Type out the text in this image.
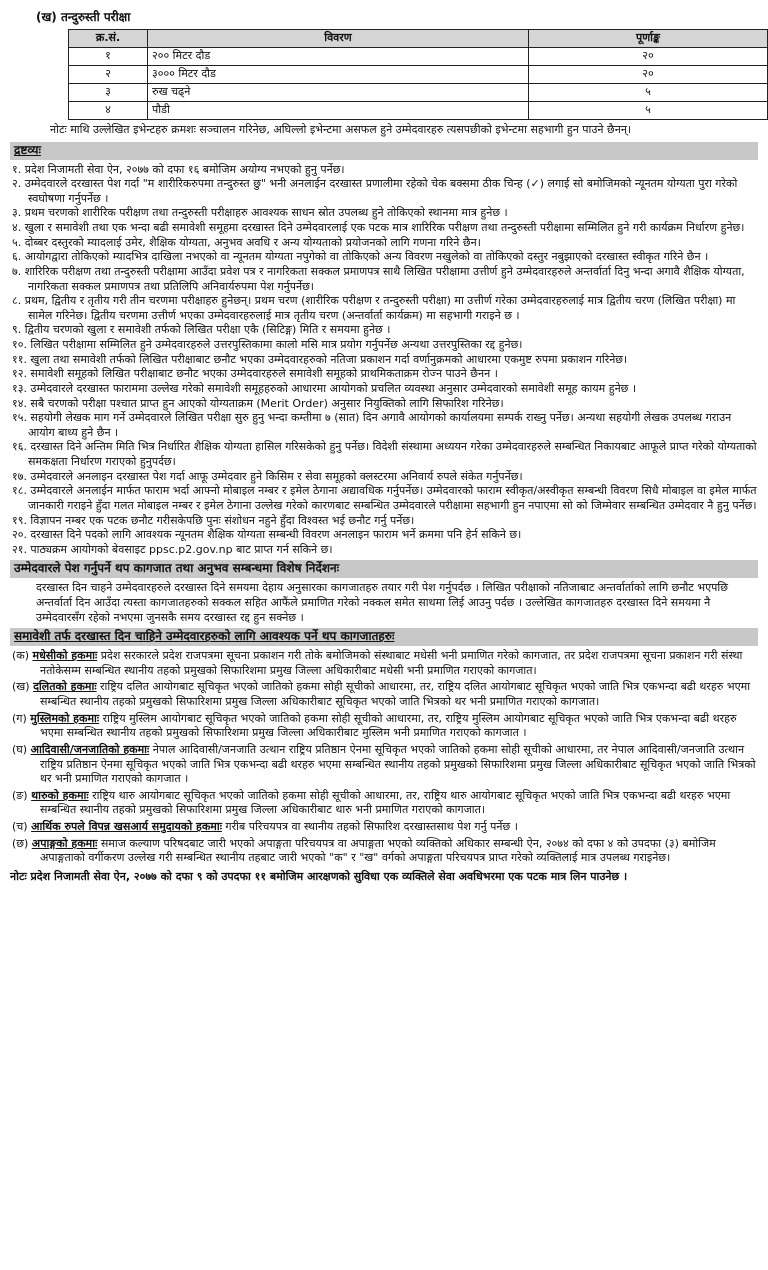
(ख) तन्दुरुस्ती परीक्षा
क्र.सं.	विवरण	पूर्णाङ्क
१	२०० मिटर दौड	२०
२	३००० मिटर दौड	२०
३	रुख चढ्ने	५
४	पौडी	५
नोटः माथि उल्लेखित इभेन्टहरु क्रमशः सञ्चालन गरिनेछ, अघिल्लो इभेन्टमा असफल हुने उम्मेदवारहरु त्यसपछीको इभेन्टमा सहभागी हुन पाउने छैनन्।
द्रष्टव्यः
१. प्रदेश निजामती सेवा ऐन, २०७७ को दफा १६ बमोजिम अयोग्य नभएको हुनु पर्नेछ।
२. उम्मेदवारले दरखास्त पेश गर्दा "म शारीरिकरुपमा तन्दुरुस्त छु" भनी अनलाईन दरखास्त प्रणालीमा रहेको चेक बक्समा ठीक चिन्ह (✓) लगाई सो बमोजिमको न्यूनतम योग्यता पुरा गरेको स्वघोषणा गर्नुपर्नेछ ।
३. प्रथम चरणको शारीरिक परीक्षण तथा तन्दुरुस्ती परीक्षाहरु आवश्यक साधन स्रोत उपलब्ध हुने तोकिएको स्थानमा मात्र हुनेछ ।
४. खुला र समावेशी तथा एक भन्दा बढी समावेशी समूहमा दरखास्त दिने उम्मेदवारलाई एक पटक मात्र शारिरिक परीक्षण तथा तन्दुरुस्ती परीक्षामा सम्मिलित हुने गरी कार्यक्रम निर्धारण हुनेछ।
५. दोब्बर दस्तुरको म्यादलाई उमेर, शैक्षिक योग्यता, अनुभव अवधि र अन्य योग्यताको प्रयोजनको लागि गणना गरिने छैन।
६. आयोगद्वारा तोकिएको म्यादभित्र दाखिला नभएको वा न्यूनतम योग्यता नपुगेको वा तोकिएको अन्य विवरण नखुलेको वा तोकिएको दस्तुर नबुझाएको दरखास्त स्वीकृत गरिने छैन ।
७. शारिरिक परीक्षण तथा तन्दुरुस्ती परीक्षामा आउँदा प्रवेश पत्र र नागरिकता सक्कल प्रमाणपत्र साथै लिखित परीक्षामा उत्तीर्ण हुने उम्मेदवारहरुले अन्तर्वार्ता दिनु भन्दा अगावै शैक्षिक योग्यता, नागरिकता सक्कल प्रमाणपत्र तथा प्रतिलिपि अनिवार्यरुपमा पेश गर्नुपर्नेछ।
८. प्रथम, द्वितीय र तृतीय गरी तीन चरणमा परीक्षाहरु हुनेछन्। प्रथम चरण (शारीरिक परीक्षण र तन्दुरुस्ती परीक्षा) मा उत्तीर्ण गरेका उम्मेदवारहरुलाई मात्र द्वितीय चरण (लिखित परीक्षा) मा सामेल गरिनेछ। द्वितीय चरणमा उत्तीर्ण भएका उम्मेदवारहरुलाई मात्र तृतीय चरण (अन्तर्वार्ता कार्यक्रम) मा सहभागी गराइने छ ।
९. द्वितीय चरणको खुला र समावेशी तर्फको लिखित परीक्षा एकै (सिटिङ्ग) मिति र समयमा हुनेछ ।
१०. लिखित परीक्षामा सम्मिलित हुने उम्मेदवारहरुले उत्तरपुस्तिकामा कालो मसि मात्र प्रयोग गर्नुपर्नेछ अन्यथा उत्तरपुस्तिका रद्द हुनेछ।
११. खुला तथा समावेशी तर्फको लिखित परीक्षाबाट छनौट भएका उम्मेदवारहरुको नतिजा प्रकाशन गर्दा वर्णानुक्रमको आधारमा एकमुष्ट रुपमा प्रकाशन गरिनेछ।
१२. समावेशी समूहको लिखित परीक्षाबाट छनौट भएका उम्मेदवारहरुले समावेशी समूहको प्राथमिकताक्रम रोज्न पाउने छैनन ।
१३. उम्मेदवारले दरखास्त फाराममा उल्लेख गरेको समावेशी समूहहरुको आधारमा आयोगको प्रचलित व्यवस्था अनुसार उम्मेदवारको समावेशी समूह कायम हुनेछ ।
१४. सबै चरणको परीक्षा पश्चात प्राप्त हुन आएको योग्यताक्रम (Merit Order) अनुसार नियुक्तिको लागि सिफारिश गरिनेछ।
१५. सहयोगी लेखक माग गर्ने उम्मेदवारले लिखित परीक्षा सुरु हुनु भन्दा कम्तीमा ७ (सात) दिन अगावै आयोगको कार्यालयमा सम्पर्क राख्नु पर्नेछ। अन्यथा सहयोगी लेखक उपलब्ध गराउन आयोग बाध्य हुने छैन ।
१६. दरखास्त दिने अन्तिम मिति भित्र निर्धारित शैक्षिक योग्यता हासिल गरिसकेको हुनु पर्नेछ। विदेशी संस्थामा अध्ययन गरेका उम्मेदवारहरुले सम्बन्धित निकायबाट आफूले प्राप्त गरेको योग्यताको समकक्षता निर्धारण गराएको हुनुपर्दछ।
१७. उम्मेदवारले अनलाइन दरखास्त पेश गर्दा आफू उम्मेदवार हुने किसिम र सेवा समूहको क्लस्टरमा अनिवार्य रुपले संकेत गर्नुपर्नेछ।
१८. उम्मेदवारले अनलाईन मार्फत फाराम भर्दा आफ्नो मोबाइल नम्बर र इमेल ठेगाना अद्यावधिक गर्नुपर्नेछ। उम्मेदवारको फाराम स्वीकृत/अस्वीकृत सम्बन्धी विवरण सिधै मोबाइल वा इमेल मार्फत जानकारी गराइने हुँदा गलत मोबाइल नम्बर र इमेल ठेगाना उल्लेख गरेको कारणबाट सम्बन्धित उम्मेदवारले परीक्षामा सहभागी हुन नपाएमा सो को जिम्मेवार सम्बन्धित उम्मेदवार नै हुनु पर्नेछ।
१९. विज्ञापन नम्बर एक पटक छनौट गरीसकेपछि पुनः संशोधन नहुने हुँदा विश्वस्त भई छनौट गर्नु पर्नेछ।
२०. दरखास्त दिने पदको लागि आवश्यक न्यूनतम शैक्षिक योग्यता सम्बन्धी विवरण अनलाइन फाराम भर्ने क्रममा पनि हेर्न सकिने छ।
२१. पाठ्यक्रम आयोगको बेवसाइट ppsc.p2.gov.np बाट प्राप्त गर्न सकिने छ।
उम्मेदवारले पेश गर्नुपर्ने थप कागजात तथा अनुभव सम्बन्धमा विशेष निर्देशनः
दरखास्त दिन चाहने उम्मेदवारहरुले दरखास्त दिने समयमा देहाय अनुसारका कागजातहरु तयार गरी पेश गर्नुपर्दछ । लिखित परीक्षाको नतिजाबाट अन्तर्वार्ताको लागि छनौट भएपछि अन्तर्वार्ता दिन आउँदा त्यस्ता कागजातहरुको सक्कल सहित आफैंले प्रमाणित गरेको नक्कल समेत साथमा लिई आउनु पर्दछ । उल्लेखित कागजातहरु दरखास्त दिने समयमा नै उम्मेदवारसँग रहेको नभएमा जुनसकै समय दरखास्त रद्द हुन सक्नेछ ।
समावेशी तर्फ दरखास्त दिन चाहिने उम्मेदवारहरुको लागि आवश्यक पर्ने थप कागजातहरुः
(क) मधेसीको हकमाः प्रदेश सरकारले प्रदेश राजपत्रमा सूचना प्रकाशन गरी तोके बमोजिमको संस्थाबाट मधेसी भनी प्रमाणित गरेको कागजात, तर प्रदेश राजपत्रमा सूचना प्रकाशन गरी संस्था नतोकेसम्म सम्बन्धित स्थानीय तहको प्रमुखको सिफारिशमा प्रमुख जिल्ला अधिकारीबाट मधेसी भनी प्रमाणित गराएको कागजात।
(ख) दलितको हकमाः राष्ट्रिय दलित आयोगबाट सूचिकृत भएको जातिको हकमा सोही सूचीको आधारमा, तर, राष्ट्रिय दलित आयोगबाट सूचिकृत भएको जाति भित्र एकभन्दा बढी थरहरु भएमा सम्बन्धित स्थानीय तहको प्रमुखको सिफारिशमा प्रमुख जिल्ला अधिकारीबाट सूचिकृत भएको जाति भित्रको थर भनी प्रमाणित गराएको कागजात।
(ग) मुस्लिमको हकमाः राष्ट्रिय मुस्लिम आयोगबाट सूचिकृत भएको जातिको हकमा सोही सूचीको आधारमा, तर, राष्ट्रिय मुस्लिम आयोगबाट सूचिकृत भएको जाति भित्र एकभन्दा बढी थरहरु भएमा सम्बन्धित स्थानीय तहको प्रमुखको सिफारिशमा प्रमुख जिल्ला अधिकारीबाट मुस्लिम भनी प्रमाणित गराएको कागजात ।
(घ) आदिवासी/जनजातिको हकमाः नेपाल आदिवासी/जनजाति उत्थान राष्ट्रिय प्रतिष्ठान ऐनमा सूचिकृत भएको जातिको हकमा सोही सूचीको आधारमा, तर नेपाल आदिवासी/जनजाति उत्थान राष्ट्रिय प्रतिष्ठान ऐनमा सूचिकृत भएको जाति भित्र एकभन्दा बढी थरहरु भएमा सम्बन्धित स्थानीय तहको प्रमुखको सिफारिशमा प्रमुख जिल्ला अधिकारीबाट सूचिकृत भएको जाति भित्रको थर भनी प्रमाणित गराएको कागजात ।
(ङ) थारुको हकमाः राष्ट्रिय थारु आयोगबाट सूचिकृत भएको जातिको हकमा सोही सूचीको आधारमा, तर, राष्ट्रिय थारु आयोगबाट सूचिकृत भएको जाति भित्र एकभन्दा बढी थरहरु भएमा सम्बन्धित स्थानीय तहको प्रमुखको सिफारिशमा प्रमुख जिल्ला अधिकारीबाट थारु भनी प्रमाणित गराएको कागजात।
(च) आर्थिक रुपले विपन्न खसआर्य समुदायको हकमाः गरीब परिचयपत्र वा स्थानीय तहको सिफारिश दरखास्तसाथ पेश गर्नु पर्नेछ ।
(छ) अपाङ्गको हकमाः समाज कल्याण परिषदबाट जारी भएको अपाङ्गता परिचयपत्र वा अपाङ्गता भएको व्यक्तिको अधिकार सम्बन्धी ऐन, २०७४ को दफा ४ को उपदफा (३) बमोजिम अपाङ्गताको वर्गीकरण उल्लेख गरी सम्बन्धित स्थानीय तहबाट जारी भएको "क" र "ख" वर्गको अपाङ्गता परिचयपत्र प्राप्त गरेको व्यक्तिलाई मात्र उपलब्ध गराइनेछ।
नोटः प्रदेश निजामती सेवा ऐन, २०७७ को दफा ९ को उपदफा ११ बमोजिम आरक्षणको सुविधा एक व्यक्तिले सेवा अवधिभरमा एक पटक मात्र लिन पाउनेछ ।
